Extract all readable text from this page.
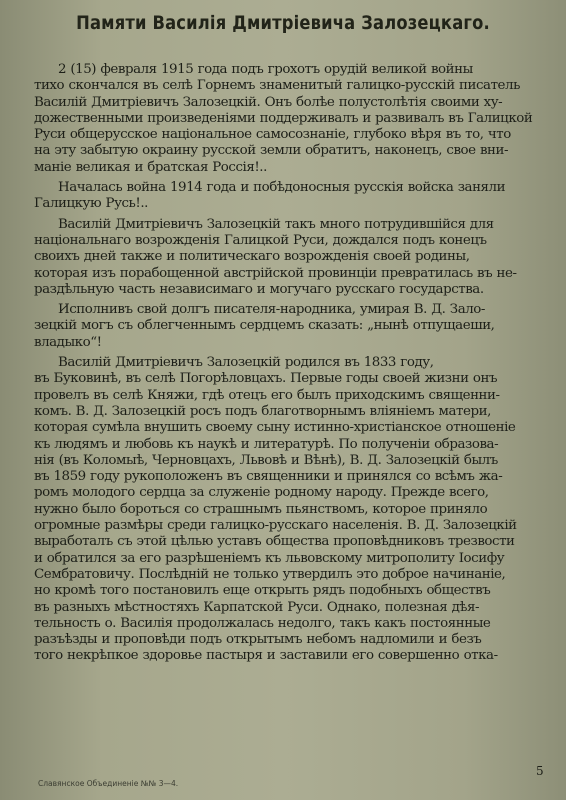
Памяти Василія Дмитріевича Залозецкаго.

2 (15) февраля 1915 года подъ грохотъ орудій великой войны
тихо скончался въ селѣ Горнемъ знаменитый галицко-русскій писатель
Василій Дмитріевичъ Залозецкій. Онъ болѣе полустолѣтія своими ху-
дожественными произведеніями поддерживалъ и развивалъ въ Галицкой
Руси общерусское національное самосознаніе, глубоко вѣря въ то, что
на эту забытую окраину русской земли обратитъ, наконецъ, свое вни-
маніе великая и братская Россія!..

Началась война 1914 года и побѣдоносныя русскія войска заняли
Галицкую Русь!..

Василій Дмитріевичъ Залозецкій такъ много потрудившійся для
національнаго возрожденія Галицкой Руси, дождался подъ конецъ
своихъ дней также и политическаго возрожденія своей родины,
которая изъ порабощенной австрійской провинціи превратилась въ не-
раздѣльную часть независимаго и могучаго русскаго государства.

Исполнивъ свой долгъ писателя-народника, умирая В. Д. Зало-
зецкій могъ съ облегченнымъ сердцемъ сказать: „нынѣ отпущаеши,
владыко“!

Василій Дмитріевичъ Залозецкій родился въ 1833 году,
въ Буковинѣ, въ селѣ Погорѣловцахъ. Первые годы своей жизни онъ
провелъ въ селѣ Княжи, гдѣ отецъ его былъ приходскимъ священни-
комъ. В. Д. Залозецкій росъ подъ благотворнымъ вліяніемъ матери,
которая сумѣла внушить своему сыну истинно-христіанское отношеніе
къ людямъ и любовь къ наукѣ и литературѣ. По полученіи образова-
нія (въ Коломыѣ, Черновцахъ, Львовѣ и Вѣнѣ), В. Д. Залозецкій былъ
въ 1859 году рукоположенъ въ священники и принялся со всѣмъ жа-
ромъ молодого сердца за служеніе родному народу. Прежде всего,
нужно было бороться со страшнымъ пьянствомъ, которое приняло
огромные размѣры среди галицко-русскаго населенія. В. Д. Залозецкій
выработалъ съ этой цѣлью уставъ общества проповѣдниковъ трезвости
и обратился за его разрѣшеніемъ къ львовскому митрополиту Іосифу
Сембратовичу. Послѣдній не только утвердилъ это доброе начинаніе,
но кромѣ того постановилъ еще открыть рядъ подобныхъ обществъ
въ разныхъ мѣстностяхъ Карпатской Руси. Однако, полезная дѣя-
тельность о. Василія продолжалась недолго, такъ какъ постоянные
разъѣзды и проповѣди подъ открытымъ небомъ надломили и безъ
того некрѣпкое здоровье пастыря и заставили его совершенно отка-

Славянское Объединеніе №№ 3—4.
5
